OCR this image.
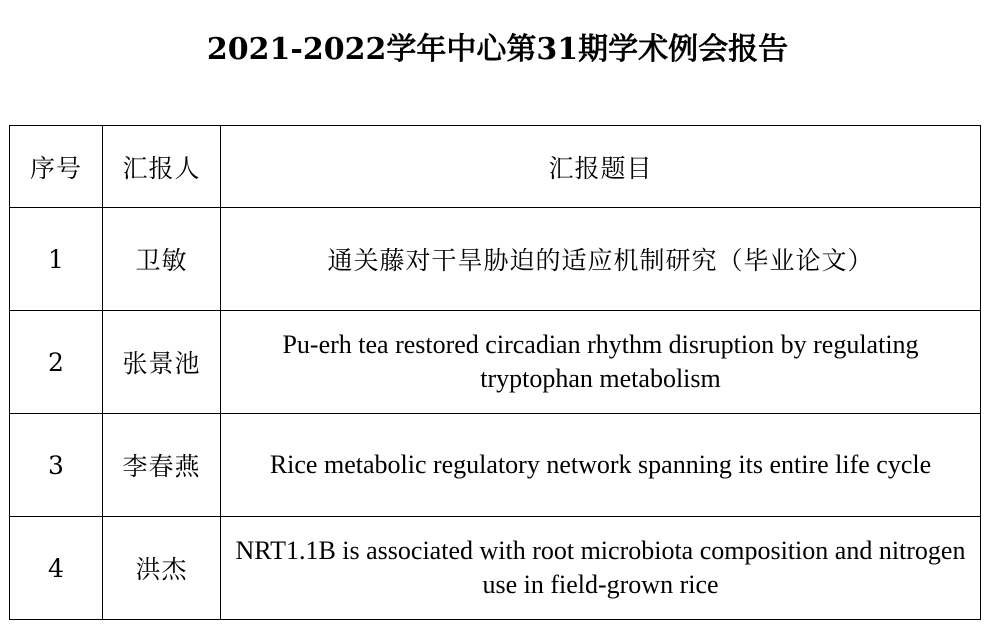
2021-2022学年中心第31期学术例会报告
序号	汇报人	汇报题目
1	卫敏	通关藤对干旱胁迫的适应机制研究（毕业论文）
2	张景池	Pu-erh tea restored circadian rhythm disruption by regulating tryptophan metabolism
3	李春燕	Rice metabolic regulatory network spanning its entire life cycle
4	洪杰	NRT1.1B is associated with root microbiota composition and nitrogen use in field-grown rice
